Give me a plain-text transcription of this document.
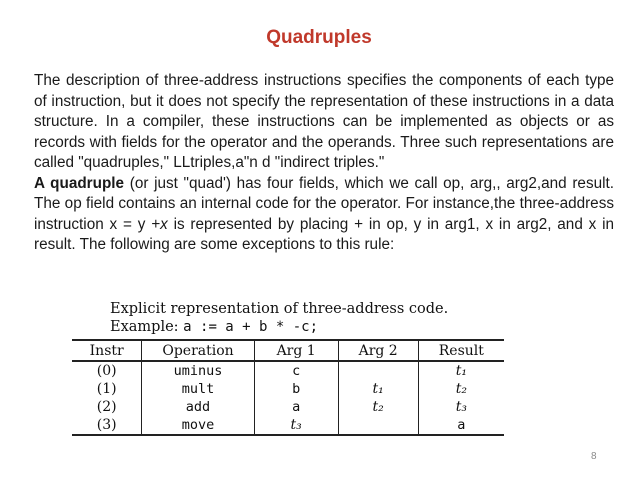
Quadruples

The description of three-address instructions specifies the components of each type of instruction, but it does not specify the representation of these instructions in a data structure. In a compiler, these instructions can be implemented as objects or as records with fields for the operator and the operands. Three such representations are called "quadruples," LLtriples,a"n d "indirect triples."

A quadruple (or just "quad') has four fields, which we call op, arg,, arg2,and result. The op field contains an internal code for the operator. For instance,the three-address instruction x = y +x is represented by placing + in op, y in arg1, x in arg2, and x in result. The following are some exceptions to this rule:

Explicit representation of three-address code.
Example: a := a + b * -c;
Instr	Operation	Arg 1	Arg 2	Result
(0)	uminus	c		t₁
(1)	mult	b	t₁	t₂
(2)	add	a	t₂	t₃
(3)	move	t₃		a
8
